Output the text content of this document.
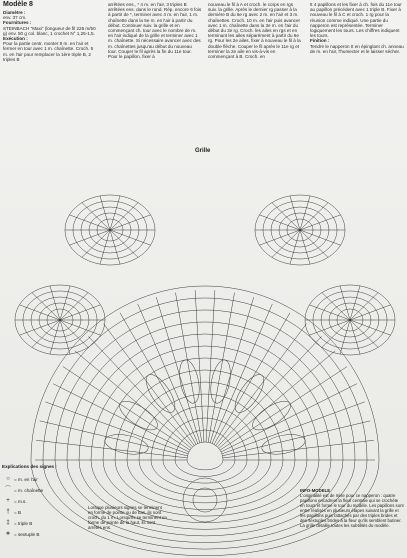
Modèle 8

Diamètre :

env. 37 cm.

Fournitures :

STEINBACH "Maxi" (longueur de fil 225 m/50 g) env. 50 g col. blanc, 1 crochet N° 1,25-1,5.

Exécution :

Pour la partie centr. monter 8 m. en l'air et fermer en tour avec 1 m. chaînette. Croch. 5 m. en l'air pour remplacer la 1ère triple B, 2 triples B

arrêtées ens., * 4 m. en l'air, 3 triples B arrêtées ens. dans le rond. Rép. encore 6 fois à partir de *, terminer avec 4 m. en l'air, 1 m. chaînette dans la 5e m. en l'air à partir du début. Continuer suiv. la grille et en commençant ch. tour avec le nombre de m. en l'air indiqué de la grille et terminer avec 1 m. chaînette. Si nécessaire avancer avec des m. chaînettes jusqu'au début du nouveau tour. Couper le fil après la fin du 11e tour. Pour le papillon, fixer à

nouveau le fil à A et croch. le corps en rgs suiv. la grille. Après le dernier rg passer à la dernière B du 6e rg avec 2 m. en l'air et 3 m. chaînettes. Croch. 10 m. en l'air puis avancer avec 1 m. chaînette dans la 3e m. en l'air du début du 3e rg. Croch. les ailes en rgs et en terminant les ailes séparément à partir du 6e rg. Pour les 2e ailes, fixer à nouveau le fil à la double flèche. Couper le fil après le 11e rg et terminer la 2e aile en vis-à-vis en commençant à B. Croch. en

tt 4 papillons et les fixer à ch. fois du 11e tour au papillon précédent avec 1 triple B. Fixer à nouveau le fil à C et croch. 1 rg pour la réunion comme indiqué. Une partie du napperon est représentée. Terminer logiquement les tours. Les chiffres indiquent les tours.

Finition :

Tendre le napperon tt en épinglant ch. anneau de m. en l'air, l'humecter et le laisser sécher.

Grille
Explications des signes :
○ = m. en l'air
⌒ = m. chaînette
+ = m.s.
† = B
‡ = triple B
∗ = sextuple B
Lorsque plusieurs signes se terminent en forme de pointe ou de bas, ils sont croch. du 1 m. Lorsqu'ils se terminent en forme de pointe de la haut, ils sont arrêtés ens.
INFO-MODELE
L'originalité est de mise pour ce napperon : quatre papillons encadrent la fleur centrale qui se crochète en tours et forme le tour du modèle. Les papillons sont entre réalisés en plusieurs étapes suivant la grille et les papillons puis rattachés par des triples brides et des sextuples brides à la fleur qu'ils semblent butiner. La grille détaille toutes les subtilités du modèle.
